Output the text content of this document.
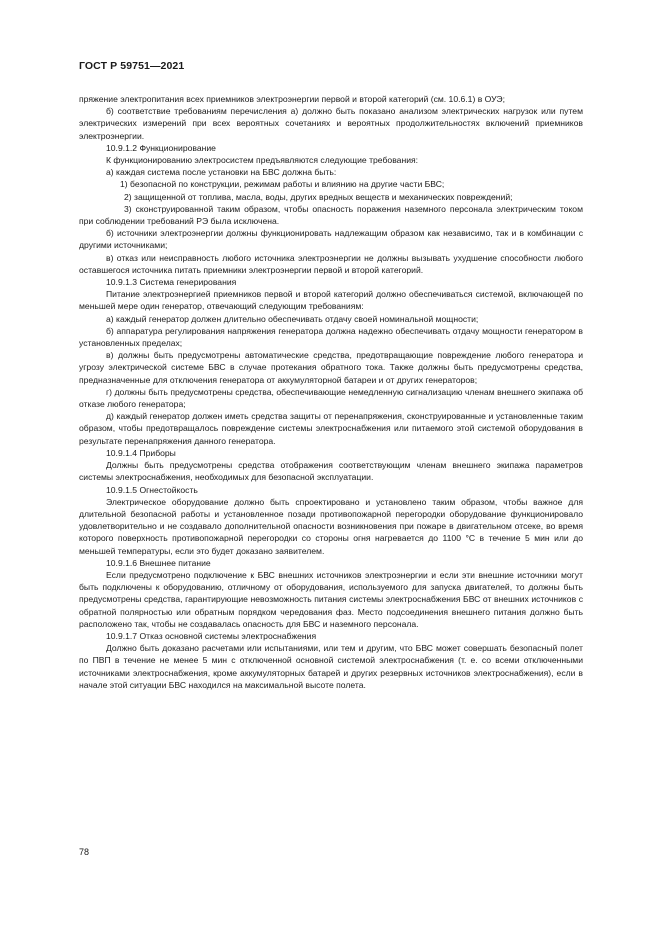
ГОСТ Р 59751—2021

пряжение электропитания всех приемников электроэнергии первой и второй категорий (см. 10.6.1) в ОУЭ;

б) соответствие требованиям перечисления а) должно быть показано анализом электрических нагрузок или путем электрических измерений при всех вероятных сочетаниях и вероятных продолжительностях включений приемников электроэнергии.

10.9.1.2 Функционирование

К функционированию электросистем предъявляются следующие требования:

а) каждая система после установки на БВС должна быть:

1) безопасной по конструкции, режимам работы и влиянию на другие части БВС;

2) защищенной от топлива, масла, воды, других вредных веществ и механических повреждений;

3) сконструированной таким образом, чтобы опасность поражения наземного персонала электрическим током при соблюдении требований РЭ была исключена.

б) источники электроэнергии должны функционировать надлежащим образом как независимо, так и в комбинации с другими источниками;

в) отказ или неисправность любого источника электроэнергии не должны вызывать ухудшение способности любого оставшегося источника питать приемники электроэнергии первой и второй категорий.

10.9.1.3 Система генерирования

Питание электроэнергией приемников первой и второй категорий должно обеспечиваться системой, включающей по меньшей мере один генератор, отвечающий следующим требованиям:

а) каждый генератор должен длительно обеспечивать отдачу своей номинальной мощности;

б) аппаратура регулирования напряжения генератора должна надежно обеспечивать отдачу мощности генератором в установленных пределах;

в) должны быть предусмотрены автоматические средства, предотвращающие повреждение любого генератора и угрозу электрической системе БВС в случае протекания обратного тока. Также должны быть предусмотрены средства, предназначенные для отключения генератора от аккумуляторной батареи и от других генераторов;

г) должны быть предусмотрены средства, обеспечивающие немедленную сигнализацию членам внешнего экипажа об отказе любого генератора;

д) каждый генератор должен иметь средства защиты от перенапряжения, сконструированные и установленные таким образом, чтобы предотвращалось повреждение системы электроснабжения или питаемого этой системой оборудования в результате перенапряжения данного генератора.

10.9.1.4 Приборы

Должны быть предусмотрены средства отображения соответствующим членам внешнего экипажа параметров системы электроснабжения, необходимых для безопасной эксплуатации.

10.9.1.5 Огнестойкость

Электрическое оборудование должно быть спроектировано и установлено таким образом, чтобы важное для длительной безопасной работы и установленное позади противопожарной перегородки оборудование функционировало удовлетворительно и не создавало дополнительной опасности возникновения при пожаре в двигательном отсеке, во время которого поверхность противопожарной перегородки со стороны огня нагревается до 1100 °С в течение 5 мин или до меньшей температуры, если это будет доказано заявителем.

10.9.1.6 Внешнее питание

Если предусмотрено подключение к БВС внешних источников электроэнергии и если эти внешние источники могут быть подключены к оборудованию, отличному от оборудования, используемого для запуска двигателей, то должны быть предусмотрены средства, гарантирующие невозможность питания системы электроснабжения БВС от внешних источников с обратной полярностью или обратным порядком чередования фаз. Место подсоединения внешнего питания должно быть расположено так, чтобы не создавалась опасность для БВС и наземного персонала.

10.9.1.7 Отказ основной системы электроснабжения

Должно быть доказано расчетами или испытаниями, или тем и другим, что БВС может совершать безопасный полет по ПВП в течение не менее 5 мин с отключенной основной системой электроснабжения (т. е. со всеми отключенными источниками электроснабжения, кроме аккумуляторных батарей и других резервных источников электроснабжения), если в начале этой ситуации БВС находился на максимальной высоте полета.

78
